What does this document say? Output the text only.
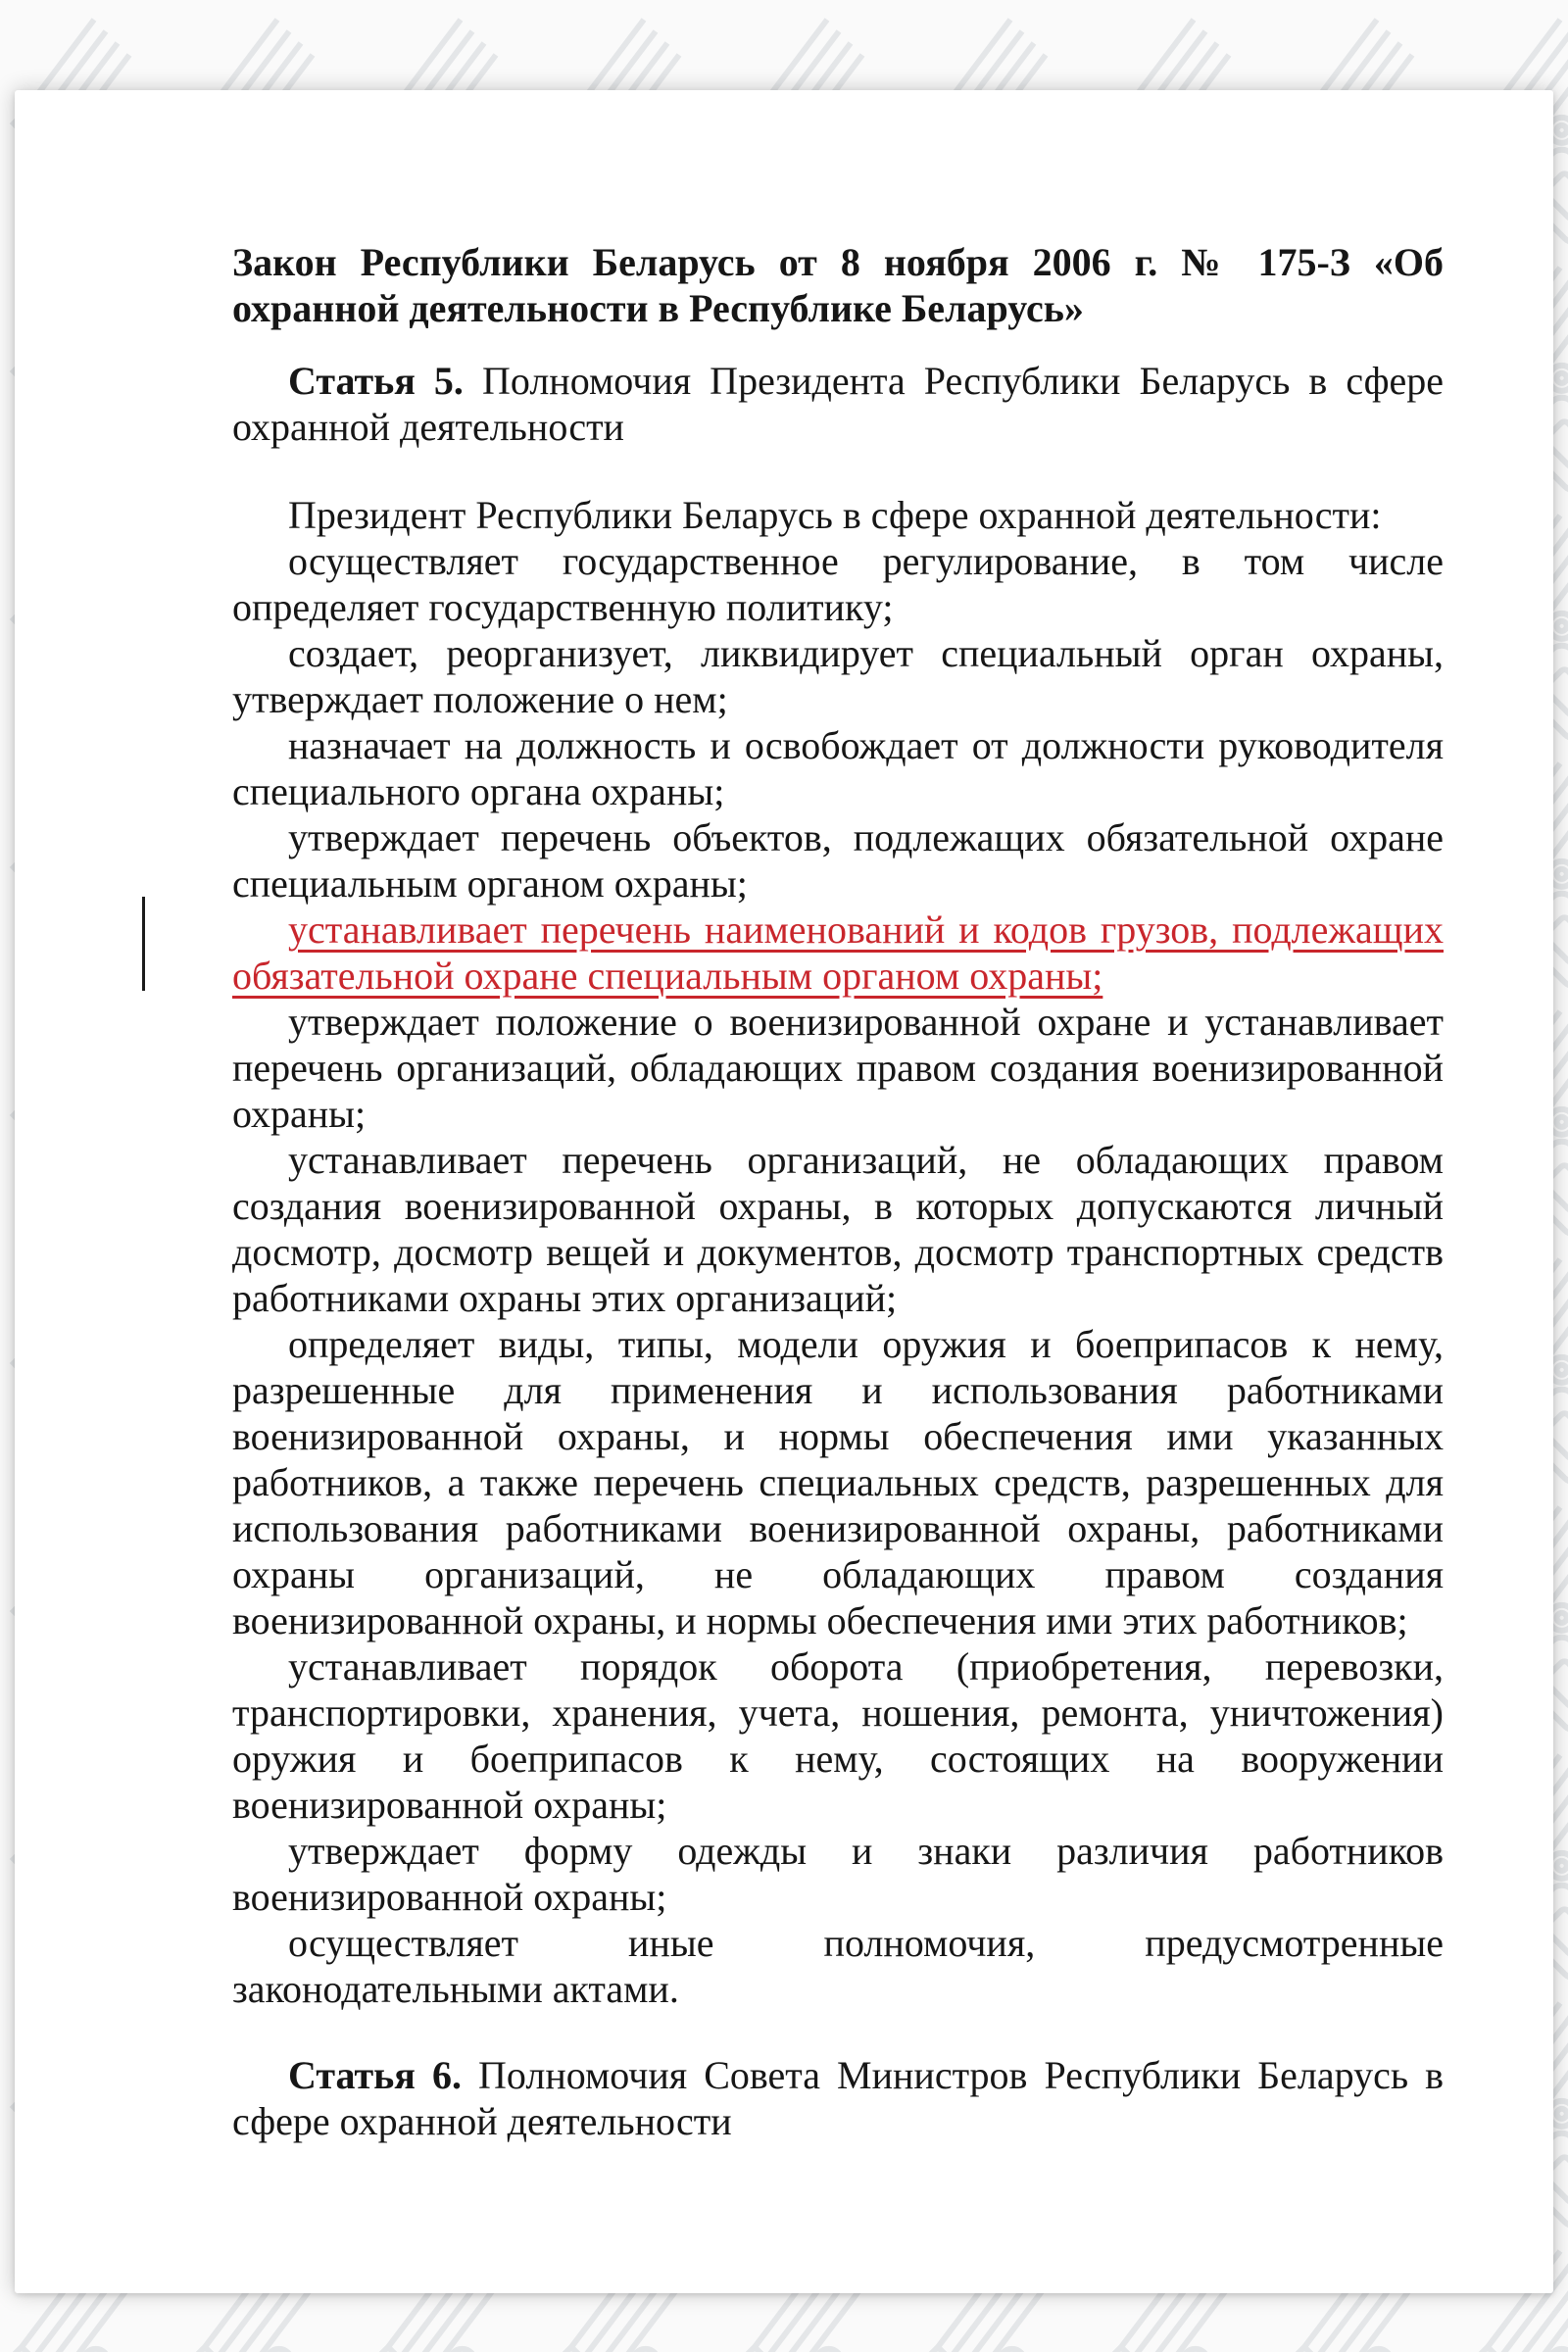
Закон Республики Беларусь от 8 ноября 2006 г. № 175-З «Об охранной деятельности в Республике Беларусь»

Статья 5. Полномочия Президента Республики Беларусь в сфере охранной деятельности

Президент Республики Беларусь в сфере охранной деятельности:

осуществляет государственное регулирование, в том числе определяет государственную политику;

создает, реорганизует, ликвидирует специальный орган охраны, утверждает положение о нем;

назначает на должность и освобождает от должности руководителя специального органа охраны;

утверждает перечень объектов, подлежащих обязательной охране специальным органом охраны;

устанавливает перечень наименований и кодов грузов, подлежащих обязательной охране специальным органом охраны;

утверждает положение о военизированной охране и устанавливает перечень организаций, обладающих правом создания военизированной охраны;

устанавливает перечень организаций, не обладающих правом создания военизированной охраны, в которых допускаются личный досмотр, досмотр вещей и документов, досмотр транспортных средств работниками охраны этих организаций;

определяет виды, типы, модели оружия и боеприпасов к нему, разрешенные для применения и использования работниками военизированной охраны, и нормы обеспечения ими указанных работников, а также перечень специальных средств, разрешенных для использования работниками военизированной охраны, работниками охраны организаций, не обладающих правом создания военизированной охраны, и нормы обеспечения ими этих работников;

устанавливает порядок оборота (приобретения, перевозки, транспортировки, хранения, учета, ношения, ремонта, уничтожения) оружия и боеприпасов к нему, состоящих на вооружении военизированной охраны;

утверждает форму одежды и знаки различия работников военизированной охраны;

осуществляет иные полномочия, предусмотренные законодательными актами.

Статья 6. Полномочия Совета Министров Республики Беларусь в сфере охранной деятельности
